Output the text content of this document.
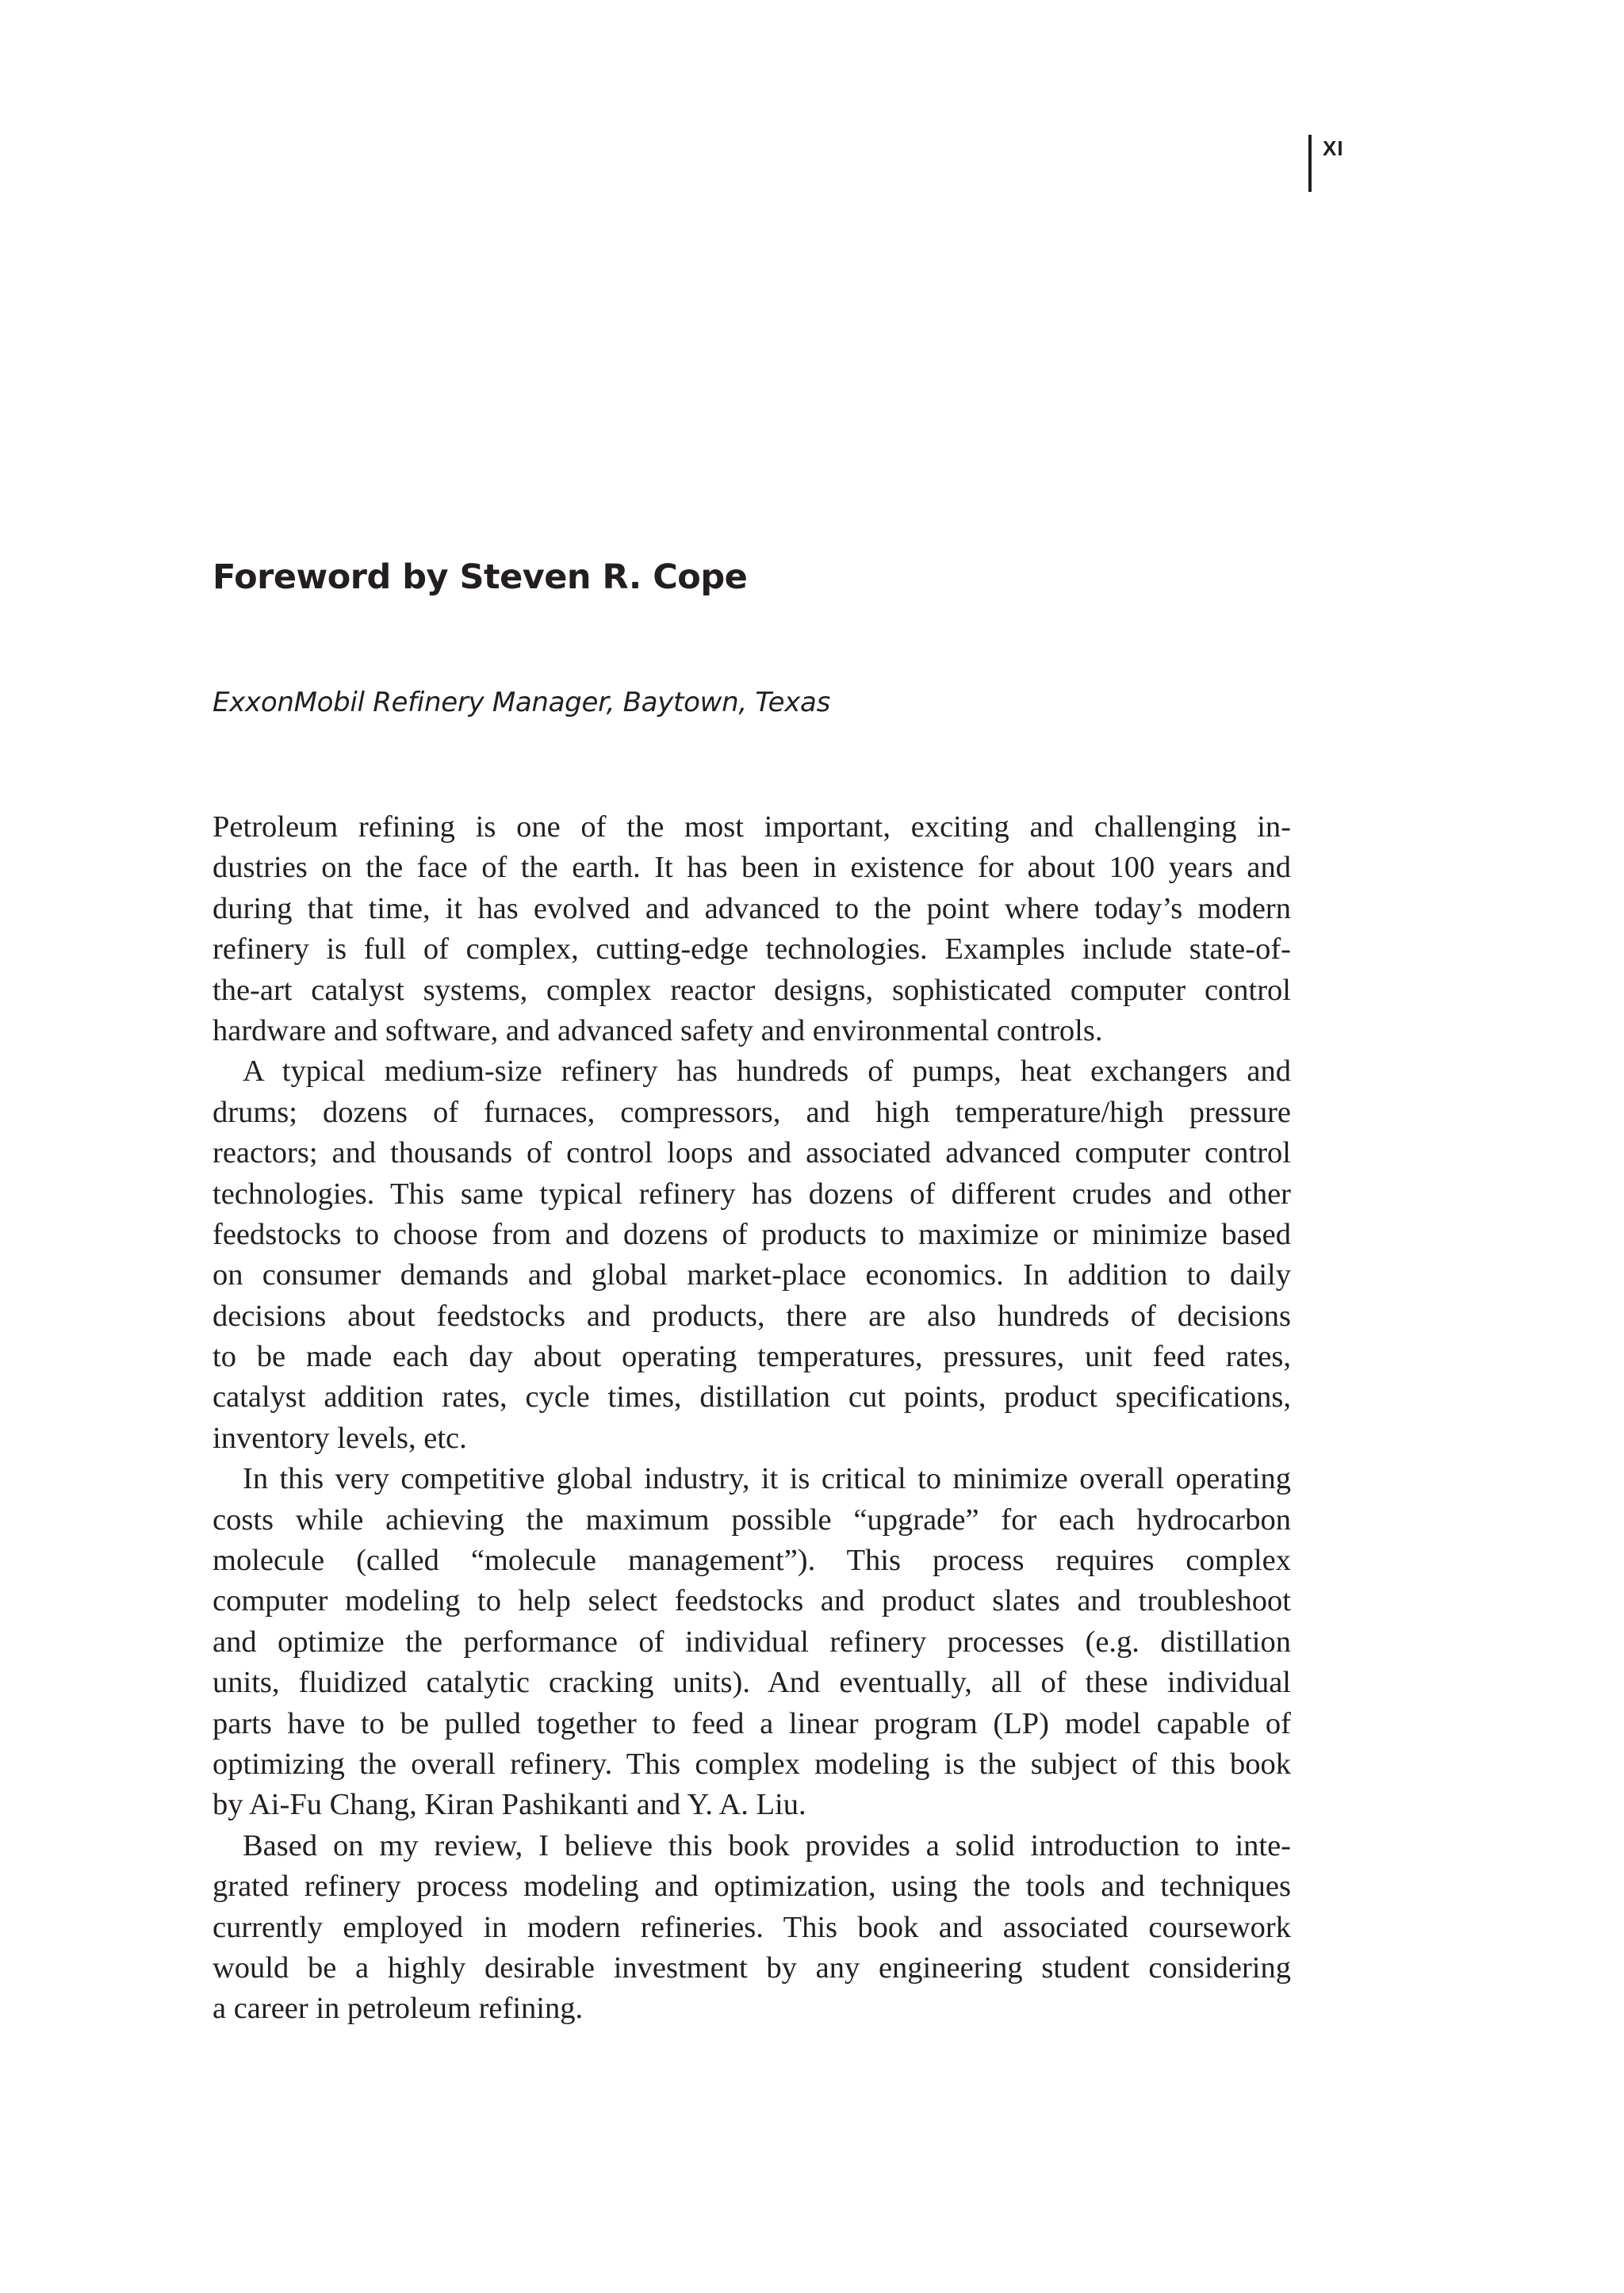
XI
Foreword by Steven R. Cope

ExxonMobil Refinery Manager, Baytown, Texas

Petroleum refining is one of the most important, exciting and challenging in-
dustries on the face of the earth. It has been in existence for about 100 years and
during that time, it has evolved and advanced to the point where today’s modern
refinery is full of complex, cutting-edge technologies. Examples include state-of-
the-art catalyst systems, complex reactor designs, sophisticated computer control
hardware and software, and advanced safety and environmental controls.
A typical medium-size refinery has hundreds of pumps, heat exchangers and
drums; dozens of furnaces, compressors, and high temperature/high pressure
reactors; and thousands of control loops and associated advanced computer control
technologies. This same typical refinery has dozens of different crudes and other
feedstocks to choose from and dozens of products to maximize or minimize based
on consumer demands and global market-place economics. In addition to daily
decisions about feedstocks and products, there are also hundreds of decisions
to be made each day about operating temperatures, pressures, unit feed rates,
catalyst addition rates, cycle times, distillation cut points, product specifications,
inventory levels, etc.
In this very competitive global industry, it is critical to minimize overall operating
costs while achieving the maximum possible “upgrade” for each hydrocarbon
molecule (called “molecule management”). This process requires complex
computer modeling to help select feedstocks and product slates and troubleshoot
and optimize the performance of individual refinery processes (e.g. distillation
units, fluidized catalytic cracking units). And eventually, all of these individual
parts have to be pulled together to feed a linear program (LP) model capable of
optimizing the overall refinery. This complex modeling is the subject of this book
by Ai-Fu Chang, Kiran Pashikanti and Y. A. Liu.
Based on my review, I believe this book provides a solid introduction to inte-
grated refinery process modeling and optimization, using the tools and techniques
currently employed in modern refineries. This book and associated coursework
would be a highly desirable investment by any engineering student considering
a career in petroleum refining.
